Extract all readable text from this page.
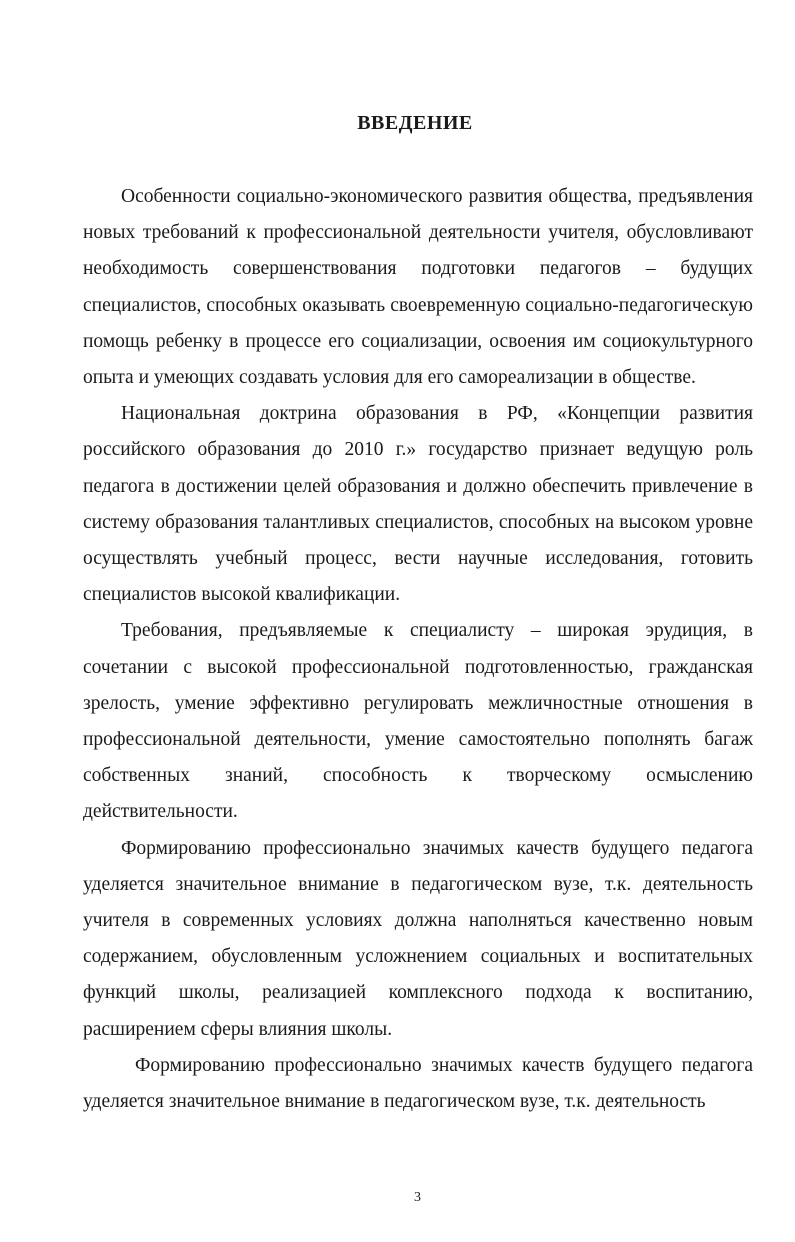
ВВЕДЕНИЕ

Особенности социально-экономического развития общества, предъявления новых требований к профессиональной деятельности учителя, обусловливают необходимость совершенствования подготовки педагогов – будущих специалистов, способных оказывать своевременную социально-педагогическую помощь ребенку в процессе его социализации, освоения им социокультурного опыта и умеющих создавать условия для его самореализации в обществе.

Национальная доктрина образования в РФ, «Концепции развития российского образования до 2010 г.» государство признает ведущую роль педагога в достижении целей образования и должно обеспечить привлечение в систему образования талантливых специалистов, способных на высоком уровне осуществлять учебный процесс, вести научные исследования, готовить специалистов высокой квалификации.

Требования, предъявляемые к специалисту – широкая эрудиция, в сочетании с высокой профессиональной подготовленностью, гражданская зрелость, умение эффективно регулировать межличностные отношения в профессиональной деятельности, умение самостоятельно пополнять багаж собственных знаний, способность к творческому осмыслению действительности.

Формированию профессионально значимых качеств будущего педагога уделяется значительное внимание в педагогическом вузе, т.к. деятельность учителя в современных условиях должна наполняться качественно новым содержанием, обусловленным усложнением социальных и воспитательных функций школы, реализацией комплексного подхода к воспитанию, расширением сферы влияния школы.

Формированию профессионально значимых качеств будущего педагога уделяется значительное внимание в педагогическом вузе, т.к. деятельность

3
